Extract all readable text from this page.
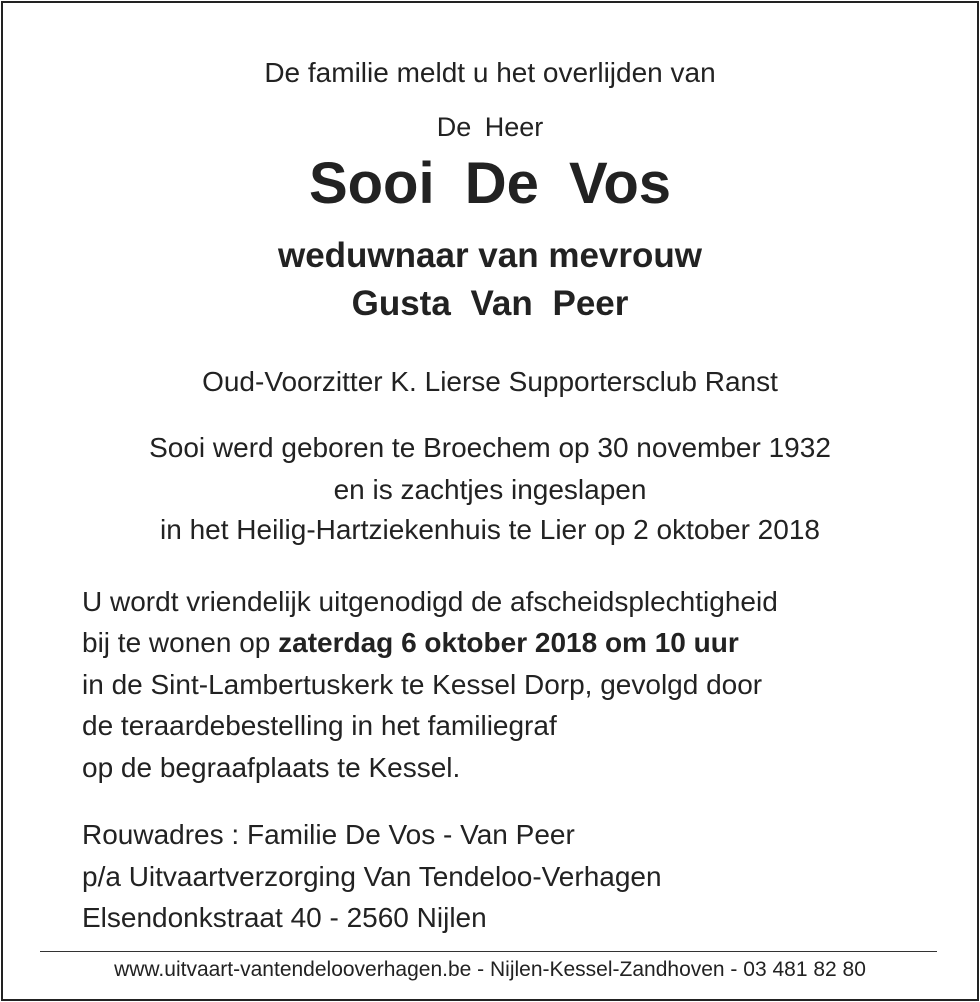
De familie meldt u het overlijden van
De Heer
Sooi De Vos
weduwnaar van mevrouw
Gusta Van Peer
Oud-Voorzitter K. Lierse Supportersclub Ranst
Sooi werd geboren te Broechem op 30 november 1932
en is zachtjes ingeslapen
in het Heilig-Hartziekenhuis te Lier op 2 oktober 2018
U wordt vriendelijk uitgenodigd de afscheidsplechtigheid
bij te wonen op zaterdag 6 oktober 2018 om 10 uur
in de Sint-Lambertuskerk te Kessel Dorp, gevolgd door
de teraardebestelling in het familiegraf
op de begraafplaats te Kessel.
Rouwadres : Familie De Vos - Van Peer
p/a Uitvaartverzorging Van Tendeloo-Verhagen
Elsendonkstraat 40 - 2560 Nijlen
www.uitvaart-vantendelooverhagen.be - Nijlen-Kessel-Zandhoven - 03 481 82 80
